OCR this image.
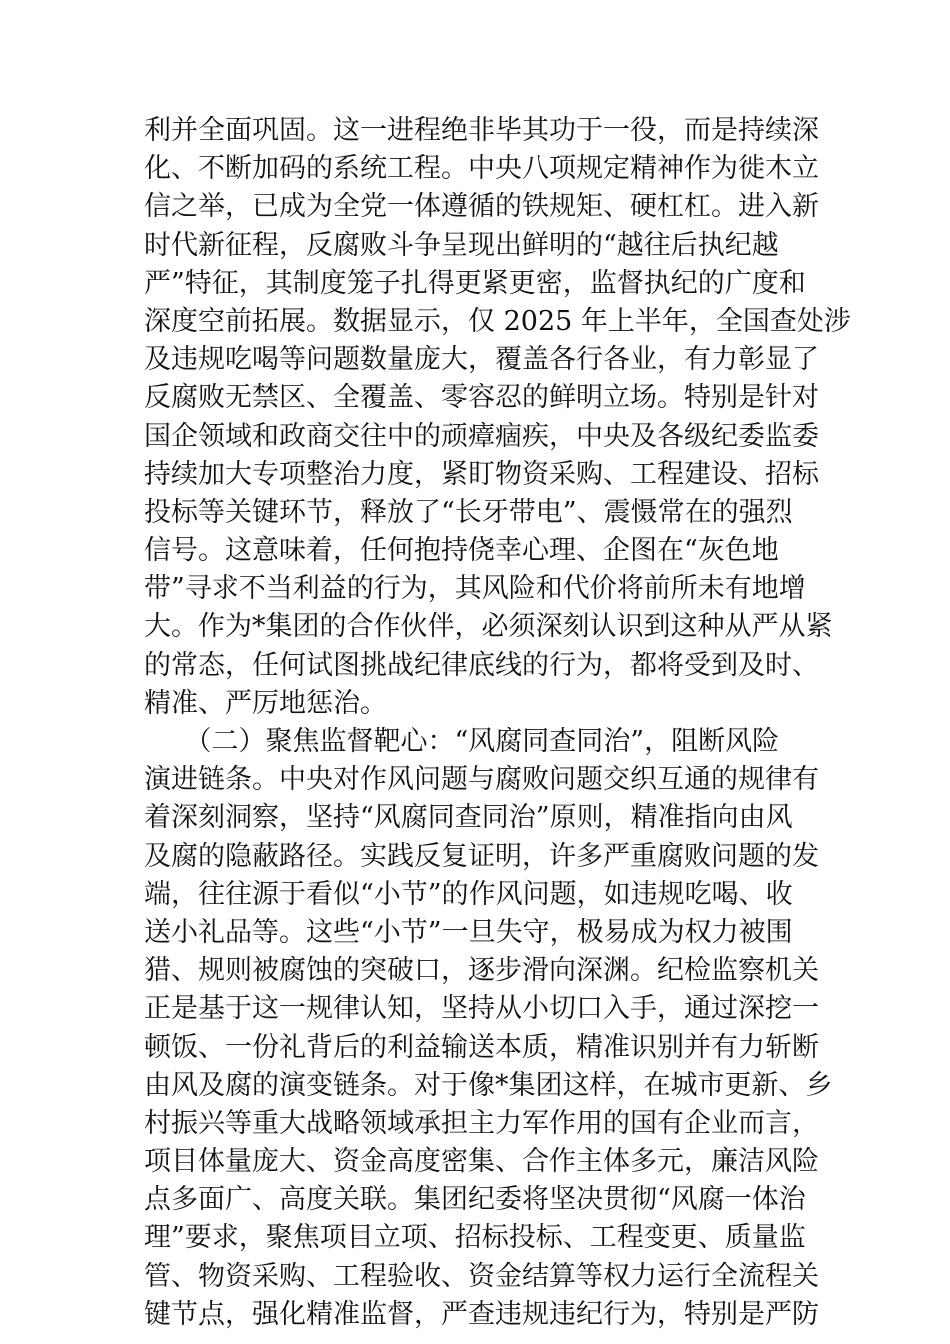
利并全面巩固。这一进程绝非毕其功于一役，而是持续深
化、不断加码的系统工程。中央八项规定精神作为徙木立
信之举，已成为全党一体遵循的铁规矩、硬杠杠。进入新
时代新征程，反腐败斗争呈现出鲜明的“越往后执纪越
严”特征，其制度笼子扎得更紧更密，监督执纪的广度和
深度空前拓展。数据显示，仅 2025 年上半年，全国查处涉
及违规吃喝等问题数量庞大，覆盖各行各业，有力彰显了
反腐败无禁区、全覆盖、零容忍的鲜明立场。特别是针对
国企领域和政商交往中的顽瘴痼疾，中央及各级纪委监委
持续加大专项整治力度，紧盯物资采购、工程建设、招标
投标等关键环节，释放了“长牙带电”、震慑常在的强烈
信号。这意味着，任何抱持侥幸心理、企图在“灰色地
带”寻求不当利益的行为，其风险和代价将前所未有地增
大。作为*集团的合作伙伴，必须深刻认识到这种从严从紧
的常态，任何试图挑战纪律底线的行为，都将受到及时、
精准、严厉地惩治。
　　（二）聚焦监督靶心：“风腐同查同治”，阻断风险
演进链条。中央对作风问题与腐败问题交织互通的规律有
着深刻洞察，坚持“风腐同查同治”原则，精准指向由风
及腐的隐蔽路径。实践反复证明，许多严重腐败问题的发
端，往往源于看似“小节”的作风问题，如违规吃喝、收
送小礼品等。这些“小节”一旦失守，极易成为权力被围
猎、规则被腐蚀的突破口，逐步滑向深渊。纪检监察机关
正是基于这一规律认知，坚持从小切口入手，通过深挖一
顿饭、一份礼背后的利益输送本质，精准识别并有力斩断
由风及腐的演变链条。对于像*集团这样，在城市更新、乡
村振兴等重大战略领域承担主力军作用的国有企业而言，
项目体量庞大、资金高度密集、合作主体多元，廉洁风险
点多面广、高度关联。集团纪委将坚决贯彻“风腐一体治
理”要求，聚焦项目立项、招标投标、工程变更、质量监
管、物资采购、工程验收、资金结算等权力运行全流程关
键节点，强化精准监督，严查违规违纪行为，特别是严防
